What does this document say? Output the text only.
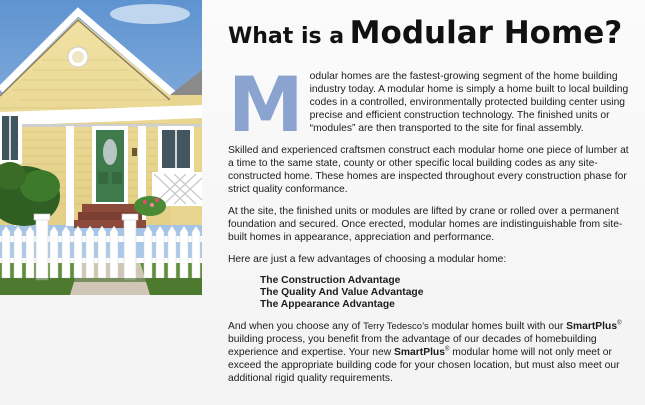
What is a Modular Home?

Modular homes are the fastest-growing segment of the home building industry today. A modular home is simply a home built to local building codes in a controlled, environmentally protected building center using precise and efficient construction technology. The finished units or “modules” are then transported to the site for final assembly.

Skilled and experienced craftsmen construct each modular home one piece of lumber at a time to the same state, county or other specific local building codes as any site-constructed home. These homes are inspected throughout every construction phase for strict quality conformance.

At the site, the finished units or modules are lifted by crane or rolled over a permanent foundation and secured. Once erected, modular homes are indistinguishable from site-built homes in appearance, appreciation and performance.

Here are just a few advantages of choosing a modular home:

The Construction Advantage
The Quality And Value Advantage
The Appearance Advantage

And when you choose any of Terry Tedesco’s modular homes built with our SmartPlus® building process, you benefit from the advantage of our decades of homebuilding experience and expertise. Your new SmartPlus® modular home will not only meet or exceed the appropriate building code for your chosen location, but must also meet our additional rigid quality requirements.
